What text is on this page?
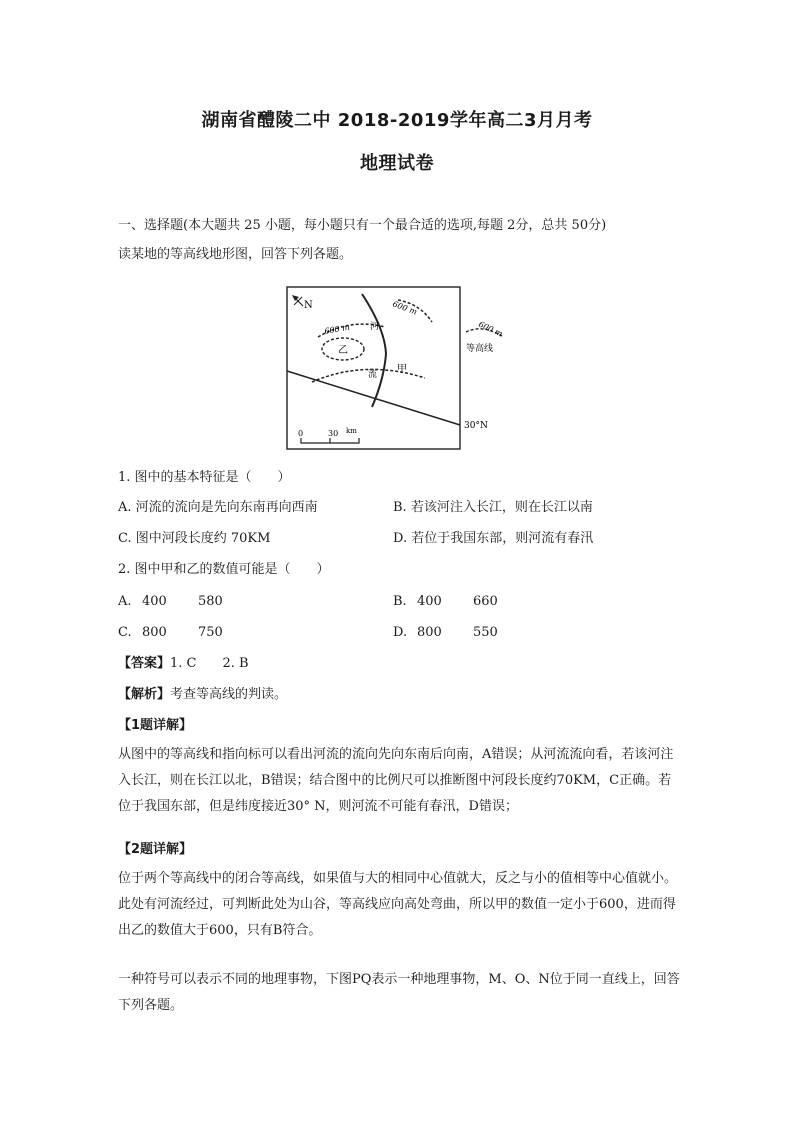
湖南省醴陵二中 2018-2019学年高二3月月考
地理试卷
一、选择题(本大题共 25 小题，每小题只有一个最合适的选项,每题 2分，总共 50分)
读某地的等高线地形图，回答下列各题。
N	600 m
600 m
乙
甲
河
流
30°N
600 m
等高线
0	30 km
1. 图中的基本特征是（　　）
A. 河流的流向是先向东南再向西南	B. 若该河注入长江，则在长江以南
C. 图中河段长度约 70KM	D. 若位于我国东部，则河流有春汛
2. 图中甲和乙的数值可能是（　　）
A. 400 580	B. 400 660
C. 800 750	D. 800 550
【答案】1. C　　2. B
【解析】考查等高线的判读。
【1题详解】
从图中的等高线和指向标可以看出河流的流向先向东南后向南，A错误；从河流流向看，若该河注入长江，则在长江以北，B错误；结合图中的比例尺可以推断图中河段长度约70KM，C正确。若位于我国东部，但是纬度接近30° N，则河流不可能有春汛，D错误；
【2题详解】
位于两个等高线中的闭合等高线，如果值与大的相同中心值就大，反之与小的值相等中心值就小。此处有河流经过，可判断此处为山谷，等高线应向高处弯曲，所以甲的数值一定小于600，进而得出乙的数值大于600，只有B符合。
一种符号可以表示不同的地理事物，下图PQ表示一种地理事物，M、O、N位于同一直线上，回答下列各题。
